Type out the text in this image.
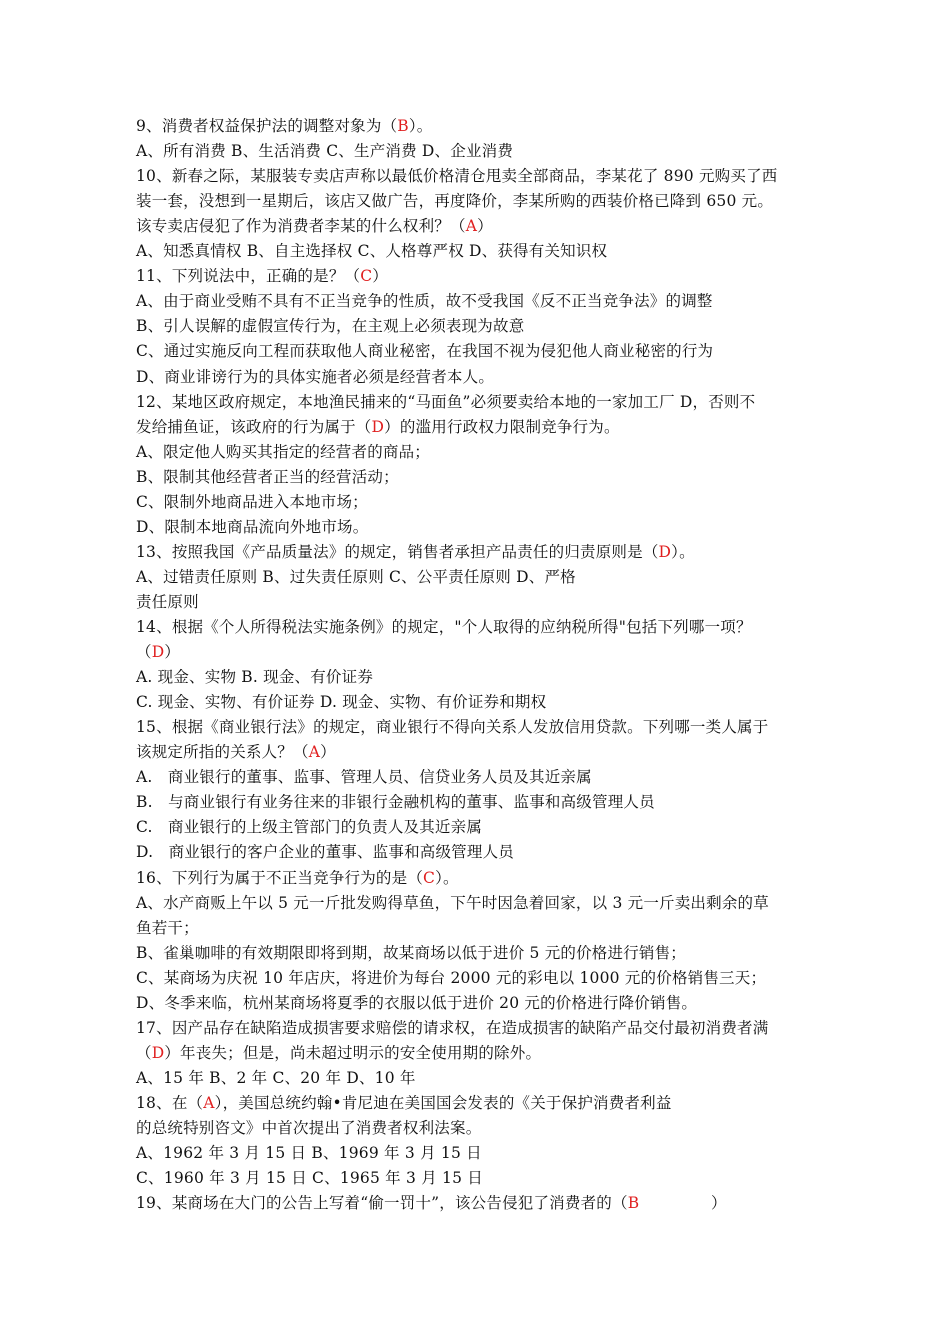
9、消费者权益保护法的调整对象为（B）。
A、所有消费 B、生活消费 C、生产消费 D、企业消费
10、新春之际，某服装专卖店声称以最低价格清仓甩卖全部商品，李某花了 890 元购买了西
装一套，没想到一星期后，该店又做广告，再度降价，李某所购的西装价格已降到 650 元。
该专卖店侵犯了作为消费者李某的什么权利？（A）
A、知悉真情权 B、自主选择权 C、人格尊严权 D、获得有关知识权
11、下列说法中，正确的是？（C）
A、由于商业受贿不具有不正当竞争的性质，故不受我国《反不正当竞争法》的调整
B、引人误解的虚假宣传行为，在主观上必须表现为故意
C、通过实施反向工程而获取他人商业秘密，在我国不视为侵犯他人商业秘密的行为
D、商业诽谤行为的具体实施者必须是经营者本人。
12、某地区政府规定，本地渔民捕来的“马面鱼”必须要卖给本地的一家加工厂 D，否则不
发给捕鱼证，该政府的行为属于（D）的滥用行政权力限制竞争行为。
A、限定他人购买其指定的经营者的商品；
B、限制其他经营者正当的经营活动；
C、限制外地商品进入本地市场；
D、限制本地商品流向外地市场。
13、按照我国《产品质量法》的规定，销售者承担产品责任的归责原则是（D）。
A、过错责任原则 B、过失责任原则 C、公平责任原则 D、严格
责任原则
14、根据《个人所得税法实施条例》的规定，"个人取得的应纳税所得"包括下列哪一项？
（D）
A. 现金、实物 B. 现金、有价证券
C. 现金、实物、有价证券 D. 现金、实物、有价证券和期权
15、根据《商业银行法》的规定，商业银行不得向关系人发放信用贷款。下列哪一类人属于
该规定所指的关系人？（A）
A.   商业银行的董事、监事、管理人员、信贷业务人员及其近亲属
B.   与商业银行有业务往来的非银行金融机构的董事、监事和高级管理人员
C.   商业银行的上级主管部门的负责人及其近亲属
D.   商业银行的客户企业的董事、监事和高级管理人员
16、下列行为属于不正当竞争行为的是（C）。
A、水产商贩上午以 5 元一斤批发购得草鱼，下午时因急着回家，以 3 元一斤卖出剩余的草
鱼若干；
B、雀巢咖啡的有效期限即将到期，故某商场以低于进价 5 元的价格进行销售；
C、某商场为庆祝 10 年店庆，将进价为每台 2000 元的彩电以 1000 元的价格销售三天；
D、冬季来临，杭州某商场将夏季的衣服以低于进价 20 元的价格进行降价销售。
17、因产品存在缺陷造成损害要求赔偿的请求权，在造成损害的缺陷产品交付最初消费者满
（D）年丧失；但是，尚未超过明示的安全使用期的除外。
A、15 年 B、2 年 C、20 年 D、10 年
18、在（A），美国总统约翰•肯尼迪在美国国会发表的《关于保护消费者利益
的总统特别咨文》中首次提出了消费者权利法案。
A、1962 年 3 月 15 日 B、1969 年 3 月 15 日
C、1960 年 3 月 15 日 C、1965 年 3 月 15 日
19、某商场在大门的公告上写着“偷一罚十”，该公告侵犯了消费者的（B              ）
